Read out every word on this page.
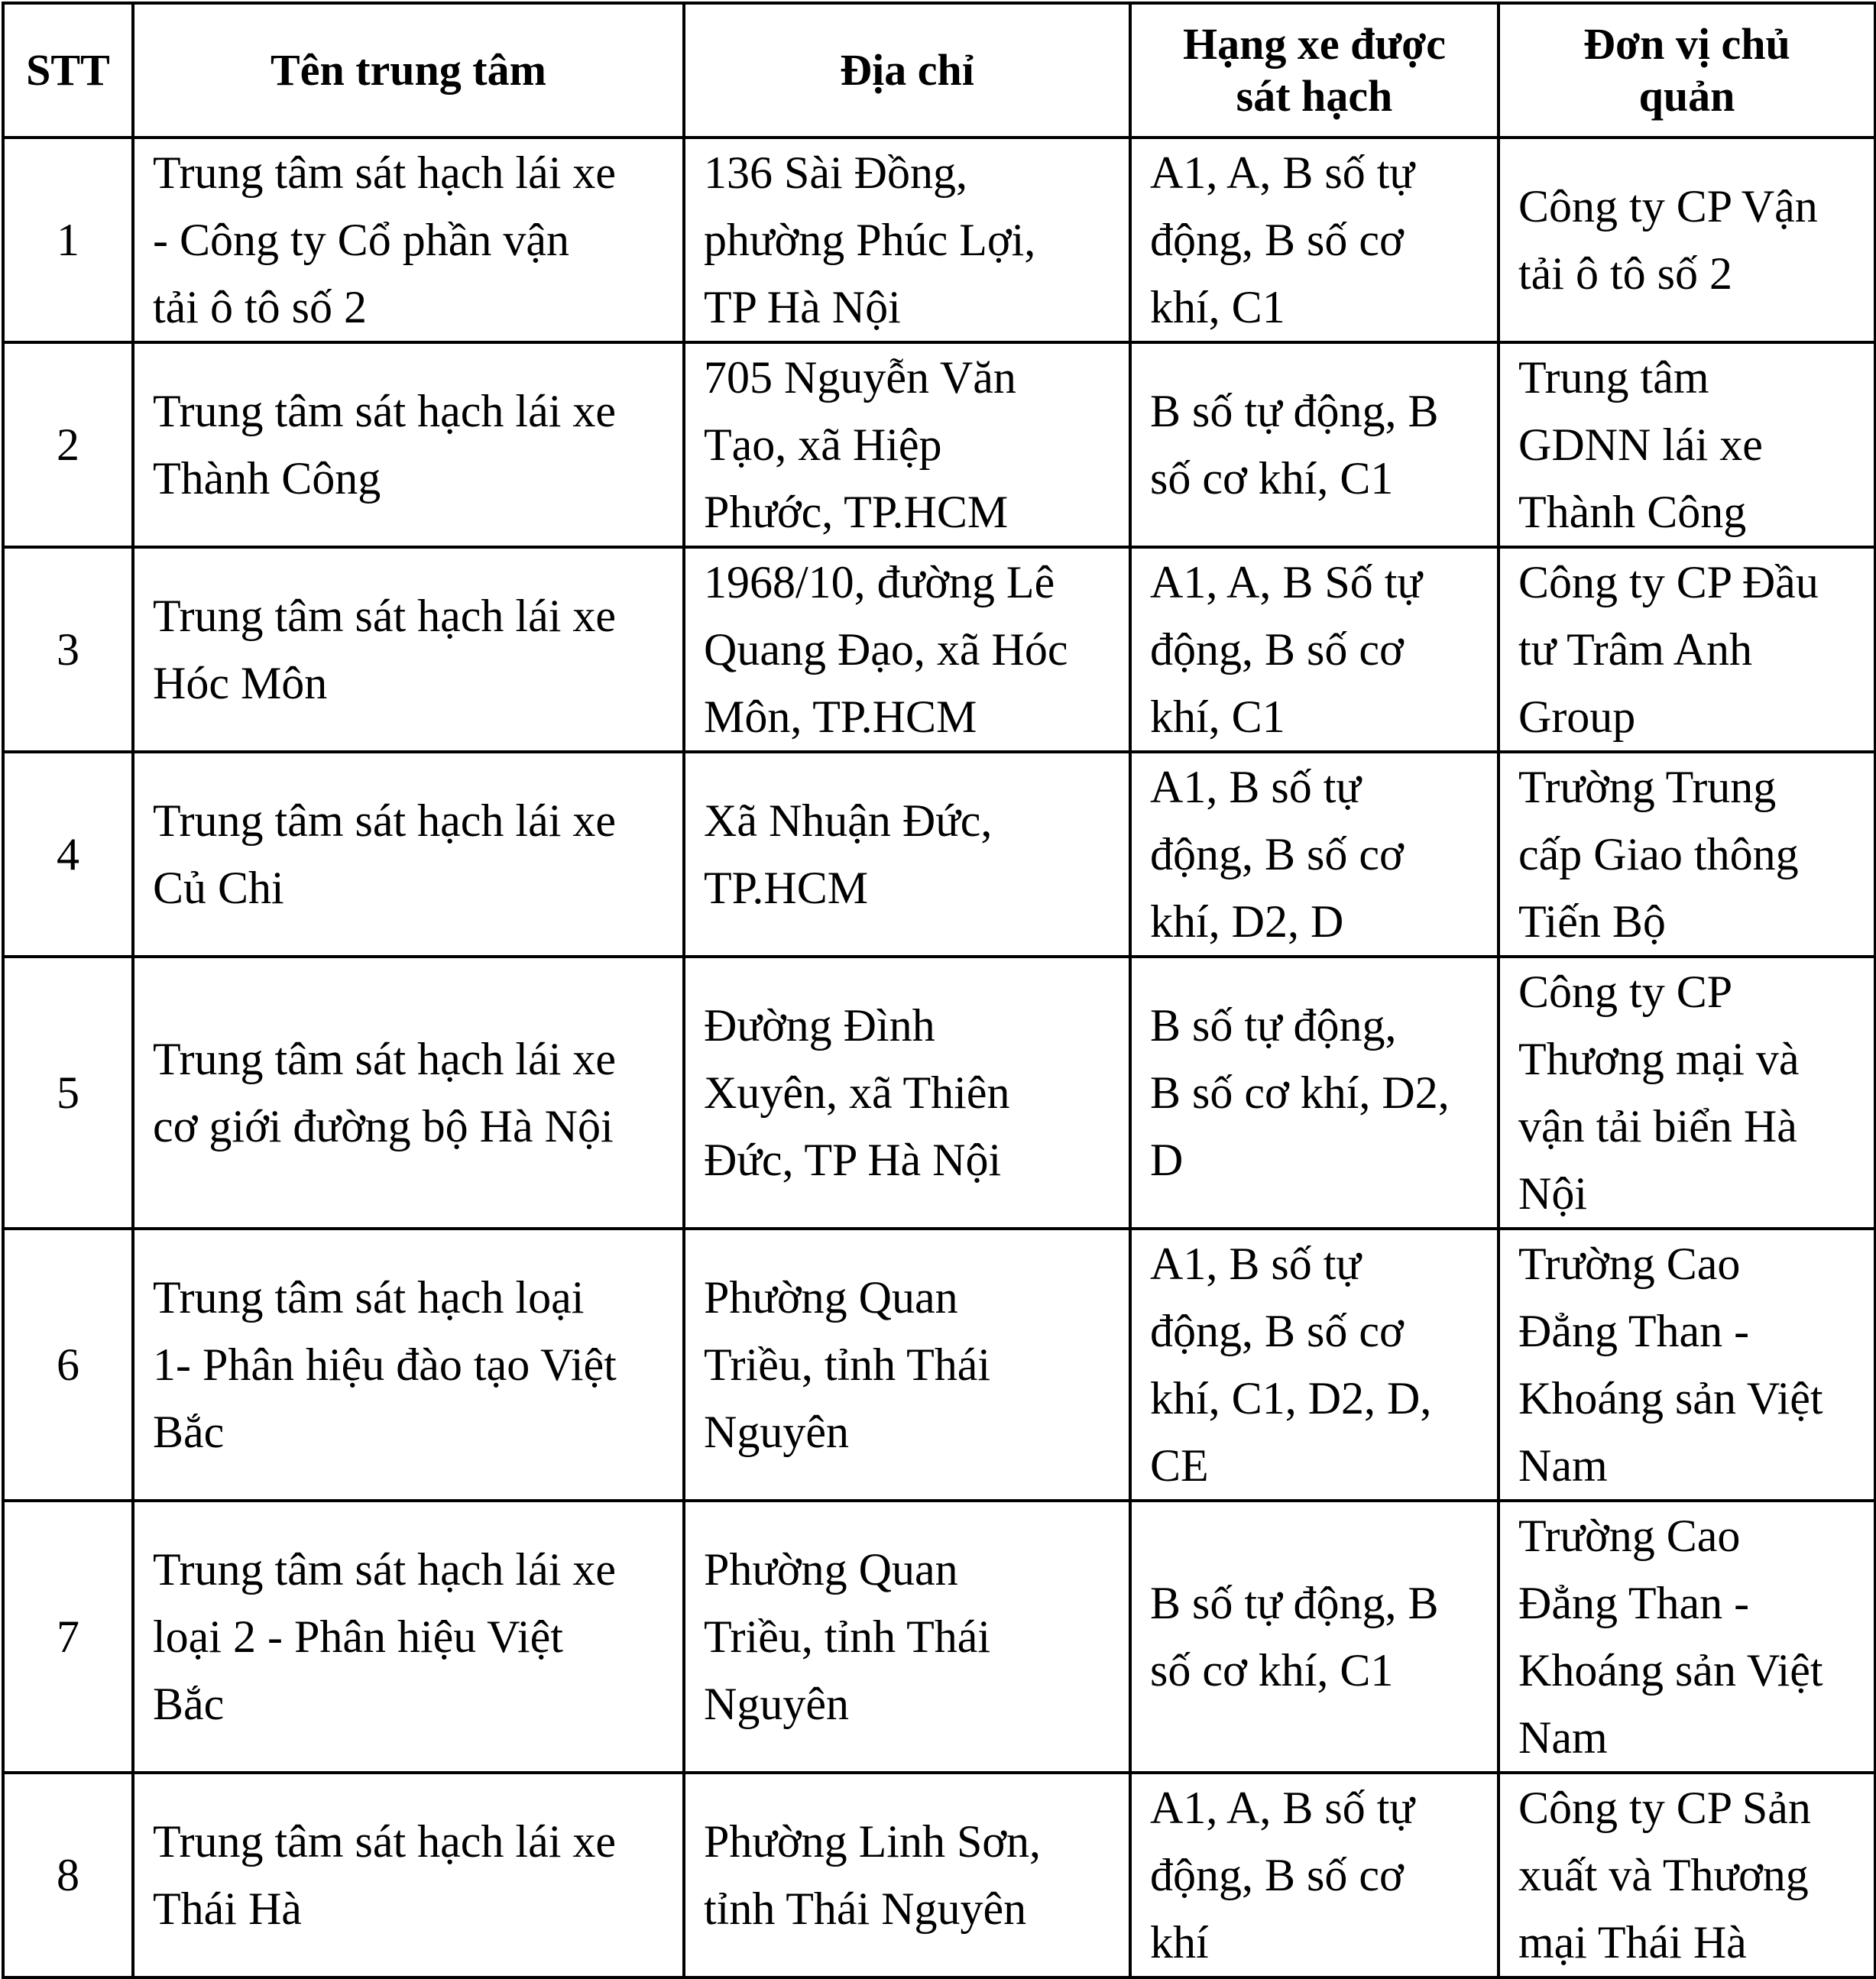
STT	Tên trung tâm	Địa chỉ	Hạng xe được
sát hạch	Đơn vị chủ
quản

1	Trung tâm sát hạch lái xe
- Công ty Cổ phần vận
tải ô tô số 2	136 Sài Đồng,
phường Phúc Lợi,
TP Hà Nội	A1, A, B số tự
động, B số cơ
khí, C1	Công ty CP Vận
tải ô tô số 2

2	Trung tâm sát hạch lái xe
Thành Công	705 Nguyễn Văn
Tạo, xã Hiệp
Phước, TP.HCM	B số tự động, B
số cơ khí, C1	Trung tâm
GDNN lái xe
Thành Công

3	Trung tâm sát hạch lái xe
Hóc Môn	1968/10, đường Lê
Quang Đạo, xã Hóc
Môn, TP.HCM	A1, A, B Số tự
động, B số cơ
khí, C1	Công ty CP Đầu
tư Trâm Anh
Group

4	Trung tâm sát hạch lái xe
Củ Chi	Xã Nhuận Đức,
TP.HCM	A1, B số tự
động, B số cơ
khí, D2, D	Trường Trung
cấp Giao thông
Tiến Bộ

5	Trung tâm sát hạch lái xe
cơ giới đường bộ Hà Nội	Đường Đình
Xuyên, xã Thiên
Đức, TP Hà Nội	B số tự động,
B số cơ khí, D2,
D	Công ty CP
Thương mại và
vận tải biển Hà
Nội

6	Trung tâm sát hạch loại
1- Phân hiệu đào tạo Việt
Bắc	Phường Quan
Triều, tỉnh Thái
Nguyên	A1, B số tự
động, B số cơ
khí, C1, D2, D,
CE	Trường Cao
Đẳng Than -
Khoáng sản Việt
Nam

7	Trung tâm sát hạch lái xe
loại 2 - Phân hiệu Việt
Bắc	Phường Quan
Triều, tỉnh Thái
Nguyên	B số tự động, B
số cơ khí, C1	Trường Cao
Đẳng Than -
Khoáng sản Việt
Nam

8	Trung tâm sát hạch lái xe
Thái Hà	Phường Linh Sơn,
tỉnh Thái Nguyên	A1, A, B số tự
động, B số cơ
khí	Công ty CP Sản
xuất và Thương
mại Thái Hà
